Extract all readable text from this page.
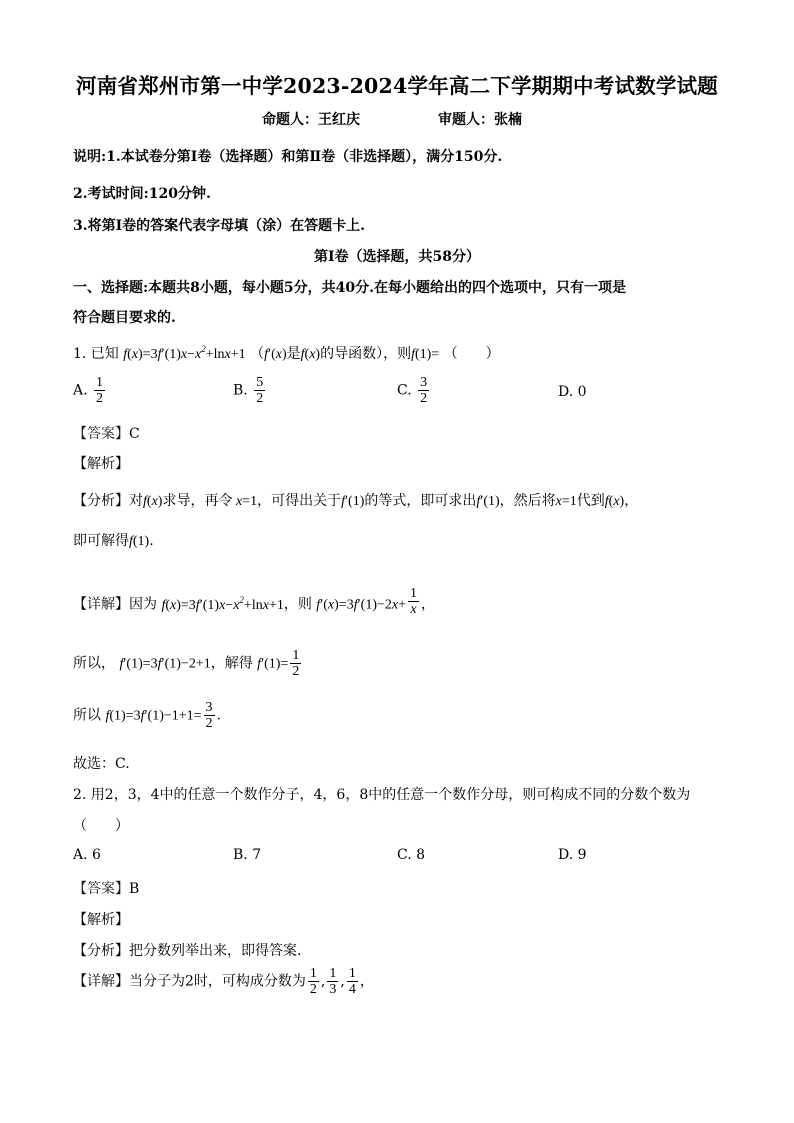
河南省郑州市第一中学2023-2024学年高二下学期期中考试数学试题
命题人：王红庆	审题人：张楠
说明:1.本试卷分第Ⅰ卷（选择题）和第Ⅱ卷（非选择题），满分150分.
2.考试时间:120分钟.
3.将第Ⅰ卷的答案代表字母填（涂）在答题卡上.
第Ⅰ卷（选择题，共58分）
一、选择题:本题共8小题，每小题5分，共40分.在每小题给出的四个选项中，只有一项是
符合题目要求的.
1. 已知 $f(x)=3f'(1)x-x^2+\ln x+1$ （f′(x)是f(x)的导函数），则f(1)= （　　）
A. $\frac{1}{2}$	B. $\frac{5}{2}$	C. $\frac{3}{2}$	D. 0
【答案】C
【解析】
【分析】对f(x)求导，再令 x=1，可得出关于f′(1)的等式，即可求出f′(1)，然后将x=1代到f(x)，
即可解得f(1).
【详解】因为 $f(x)=3f'(1)x-x^2+\ln x+1$，则 $f'(x)=3f'(1)-2x+ \frac{1}{x}$ ，
所以， f′(1)=3f′(1)−2+1，解得 $f'(1)= \frac{1}{2}$
所以 $f(1)=3f'(1)-1+1= \frac{3}{2}$ .
故选：C.
2. 用2，3，4中的任意一个数作分子，4，6，8中的任意一个数作分母，则可构成不同的分数个数为
（　　）
A. 6	B. 7	C. 8	D. 9
【答案】B
【解析】
【分析】把分数列举出来，即得答案.
【详解】当分子为2时，可构成分数为 $\frac{1}{2}$ , $\frac{1}{3}$ , $\frac{1}{4}$ ，
